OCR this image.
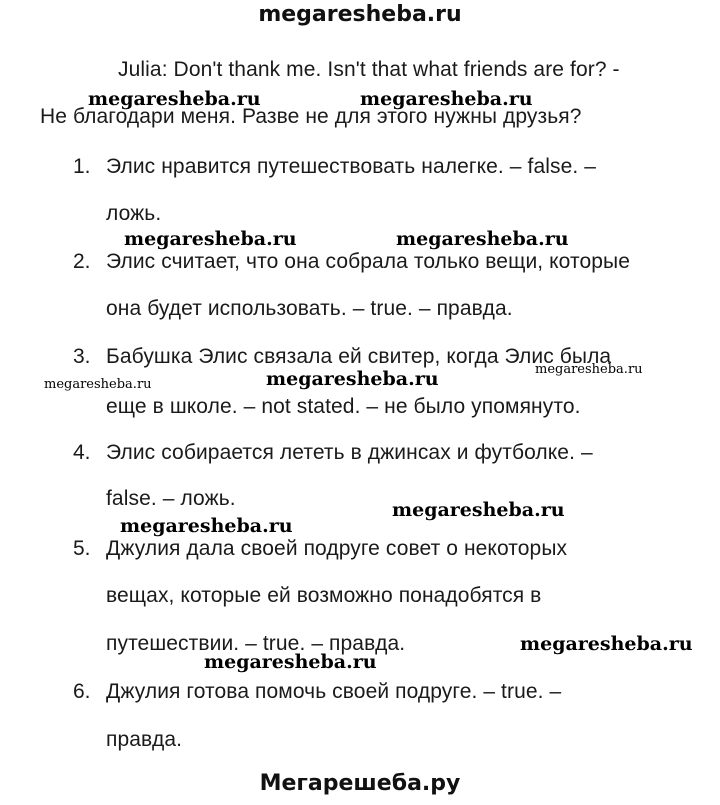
megaresheba.ru
Julia: Don't thank me. Isn't that what friends are for? -
Не благодари меня. Разве не для этого нужны друзья?
1. Элис нравится путешествовать налегке. – false. –
ложь.
2. Элис считает, что она собрала только вещи, которые
она будет использовать. – true. – правда.
3. Бабушка Элис связала ей свитер, когда Элис была
еще в школе. – not stated. – не было упомянуто.
4. Элис собирается лететь в джинсах и футболке. –
false. – ложь.
5. Джулия дала своей подруге совет о некоторых
вещах, которые ей возможно понадобятся в
путешествии. – true. – правда.
6. Джулия готова помочь своей подруге. – true. –
правда.
megaresheba.ru	megaresheba.ru
megaresheba.ru	megaresheba.ru
megaresheba.ru	megaresheba.ru	megaresheba.ru
megaresheba.ru
megaresheba.ru
megaresheba.ru
megaresheba.ru
Мегарешеба.ру
